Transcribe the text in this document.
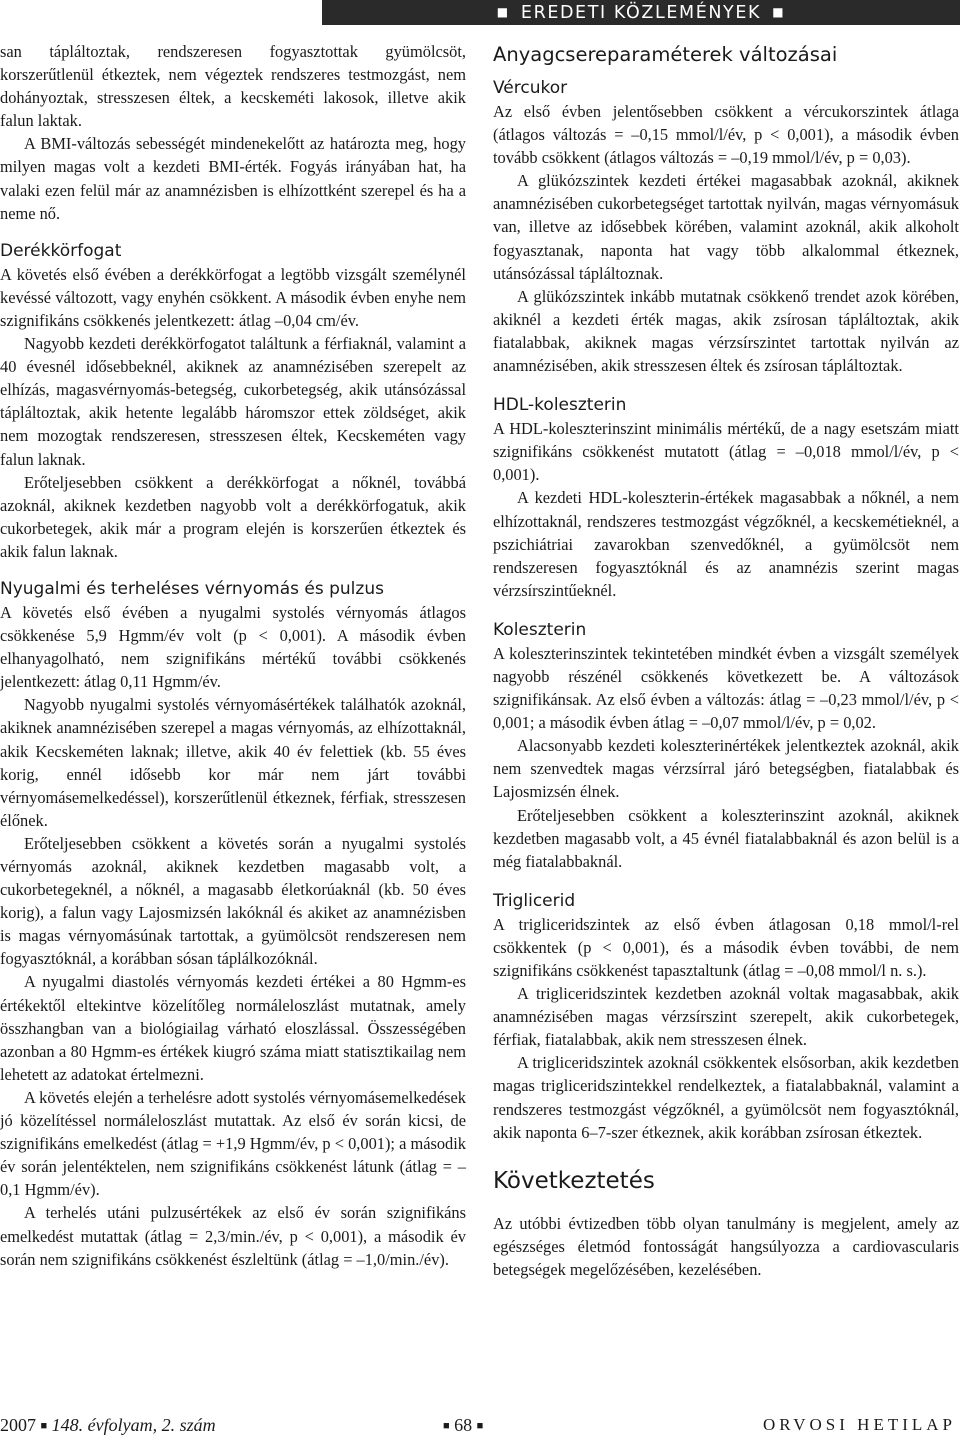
■ EREDETI KÖZLEMÉNYEK ■

san tápláltoztak, rendszeresen fogyasztottak gyümölcsöt, korszerűtlenül étkeztek, nem végeztek rendszeres testmozgást, nem dohányoztak, stresszesen éltek, a kecskeméti lakosok, illetve akik falun laktak.

A BMI-változás sebességét mindenekelőtt az határozta meg, hogy milyen magas volt a kezdeti BMI-érték. Fogyás irányában hat, ha valaki ezen felül már az anamnézisben is elhízottként szerepel és ha a neme nő.

Derékkörfogat

A követés első évében a derékkörfogat a legtöbb vizsgált személynél kevéssé változott, vagy enyhén csökkent. A második évben enyhe nem szignifikáns csökkenés jelentkezett: átlag –0,04 cm/év.

Nagyobb kezdeti derékkörfogatot találtunk a férfiaknál, valamint a 40 évesnél idősebbeknél, akiknek az anamnézisében szerepelt az elhízás, magasvérnyomás-betegség, cukorbetegség, akik utánsózással tápláltoztak, akik hetente legalább háromszor ettek zöldséget, akik nem mozogtak rendszeresen, stresszesen éltek, Kecskeméten vagy falun laknak.

Erőteljesebben csökkent a derékkörfogat a nőknél, továbbá azoknál, akiknek kezdetben nagyobb volt a derékkörfogatuk, akik cukorbetegek, akik már a program elején is korszerűen étkeztek és akik falun laknak.

Nyugalmi és terheléses vérnyomás és pulzus

A követés első évében a nyugalmi systolés vérnyomás átlagos csökkenése 5,9 Hgmm/év volt (p < 0,001). A második évben elhanyagolható, nem szignifikáns mértékű további csökkenés jelentkezett: átlag 0,11 Hgmm/év.

Nagyobb nyugalmi systolés vérnyomásértékek találhatók azoknál, akiknek anamnézisében szerepel a magas vérnyomás, az elhízottaknál, akik Kecskeméten laknak; illetve, akik 40 év felettiek (kb. 55 éves korig, ennél idősebb kor már nem járt további vérnyomásemelkedéssel), korszerűtlenül étkeznek, férfiak, stresszesen élőnek.

Erőteljesebben csökkent a követés során a nyugalmi systolés vérnyomás azoknál, akiknek kezdetben magasabb volt, a cukorbetegeknél, a nőknél, a magasabb életkorúaknál (kb. 50 éves korig), a falun vagy Lajosmizsén lakóknál és akiket az anamnézisben is magas vérnyomásúnak tartottak, a gyümölcsöt rendszeresen nem fogyasztóknál, a korábban sósan táplálkozóknál.

A nyugalmi diastolés vérnyomás kezdeti értékei a 80 Hgmm-es értékektől eltekintve közelítőleg normáleloszlást mutatnak, amely összhangban van a biológiailag várható eloszlással. Összességében azonban a 80 Hgmm-es értékek kiugró száma miatt statisztikailag nem lehetett az adatokat értelmezni.

A követés elején a terhelésre adott systolés vérnyomásemelkedések jó közelítéssel normáleloszlást mutattak. Az első év során kicsi, de szignifikáns emelkedést (átlag = +1,9 Hgmm/év, p < 0,001); a második év során jelentéktelen, nem szignifikáns csökkenést látunk (átlag = –0,1 Hgmm/év).

A terhelés utáni pulzusértékek az első év során szignifikáns emelkedést mutattak (átlag = 2,3/min./év, p < 0,001), a második év során nem szignifikáns csökkenést észleltünk (átlag = –1,0/min./év).

Anyagcsereparaméterek változásai
Vércukor

Az első évben jelentősebben csökkent a vércukorszintek átlaga (átlagos változás = –0,15 mmol/l/év, p < 0,001), a második évben tovább csökkent (átlagos változás = –0,19 mmol/l/év, p = 0,03).

A glükózszintek kezdeti értékei magasabbak azoknál, akiknek anamnézisében cukorbetegséget tartottak nyilván, magas vérnyomásuk van, illetve az idősebbek körében, valamint azoknál, akik alkoholt fogyasztanak, naponta hat vagy több alkalommal étkeznek, utánsózással tápláltoznak.

A glükózszintek inkább mutatnak csökkenő trendet azok körében, akiknél a kezdeti érték magas, akik zsírosan tápláltoztak, akik fiatalabbak, akiknek magas vérzsírszintet tartottak nyilván az anamnézisében, akik stresszesen éltek és zsírosan tápláltoztak.

HDL-koleszterin

A HDL-koleszterinszint minimális mértékű, de a nagy esetszám miatt szignifikáns csökkenést mutatott (átlag = –0,018 mmol/l/év, p < 0,001).

A kezdeti HDL-koleszterin-értékek magasabbak a nőknél, a nem elhízottaknál, rendszeres testmozgást végzőknél, a kecskemétieknél, a pszichiátriai zavarokban szenvedőknél, a gyümölcsöt nem rendszeresen fogyasztóknál és az anamnézis szerint magas vérzsírszintűeknél.

Koleszterin

A koleszterinszintek tekintetében mindkét évben a vizsgált személyek nagyobb részénél csökkenés következett be. A változások szignifikánsak. Az első évben a változás: átlag = –0,23 mmol/l/év, p < 0,001; a második évben átlag = –0,07 mmol/l/év, p = 0,02.

Alacsonyabb kezdeti koleszterinértékek jelentkeztek azoknál, akik nem szenvedtek magas vérzsírral járó betegségben, fiatalabbak és Lajosmizsén élnek.

Erőteljesebben csökkent a koleszterinszint azoknál, akiknek kezdetben magasabb volt, a 45 évnél fiatalabbaknál és azon belül is a még fiatalabbaknál.

Triglicerid

A trigliceridszintek az első évben átlagosan 0,18 mmol/l-rel csökkentek (p < 0,001), és a második évben további, de nem szignifikáns csökkenést tapasztaltunk (átlag = –0,08 mmol/l n. s.).

A trigliceridszintek kezdetben azoknál voltak magasabbak, akik anamnézisében magas vérzsírszint szerepelt, akik cukorbetegek, férfiak, fiatalabbak, akik nem stresszesen élnek.

A trigliceridszintek azoknál csökkentek elsősorban, akik kezdetben magas trigliceridszintekkel rendelkeztek, a fiatalabbaknál, valamint a rendszeres testmozgást végzőknél, a gyümölcsöt nem fogyasztóknál, akik naponta 6–7-szer étkeznek, akik korábban zsírosan étkeztek.

Következtetés

Az utóbbi évtizedben több olyan tanulmány is megjelent, amely az egészséges életmód fontosságát hangsúlyozza a cardiovascularis betegségek megelőzésében, kezelésében.

2007 ■ 148. évfolyam, 2. szám	■ 68 ■	ORVOSI HETILAP
